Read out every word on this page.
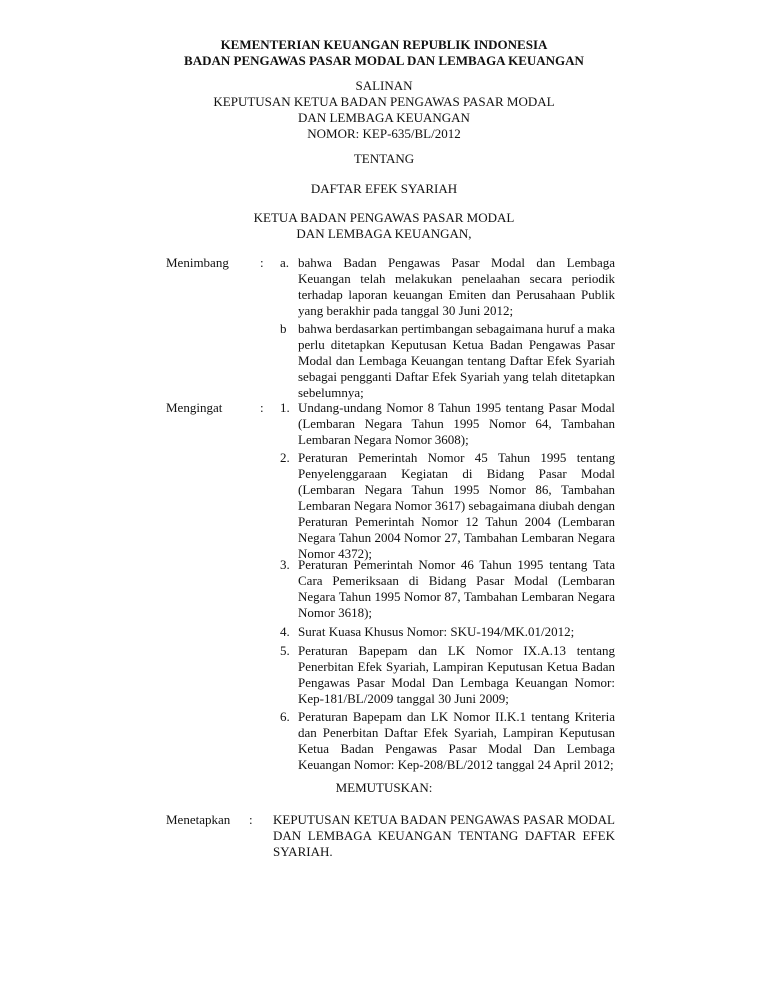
KEMENTERIAN KEUANGAN REPUBLIK INDONESIA
BADAN PENGAWAS PASAR MODAL DAN LEMBAGA KEUANGAN
SALINAN
KEPUTUSAN KETUA BADAN PENGAWAS PASAR MODAL
DAN LEMBAGA KEUANGAN
NOMOR: KEP-635/BL/2012
TENTANG
DAFTAR EFEK SYARIAH
KETUA BADAN PENGAWAS PASAR MODAL
DAN LEMBAGA KEUANGAN,
Menimbang : a. bahwa Badan Pengawas Pasar Modal dan Lembaga Keuangan telah melakukan penelaahan secara periodik terhadap laporan keuangan Emiten dan Perusahaan Publik yang berakhir pada tanggal 30 Juni 2012;
b bahwa berdasarkan pertimbangan sebagaimana huruf a maka perlu ditetapkan Keputusan Ketua Badan Pengawas Pasar Modal dan Lembaga Keuangan tentang Daftar Efek Syariah sebagai pengganti Daftar Efek Syariah yang telah ditetapkan sebelumnya;
Mengingat	: 1. Undang-undang Nomor 8 Tahun 1995 tentang Pasar Modal (Lembaran Negara Tahun 1995 Nomor 64, Tambahan Lembaran Negara Nomor 3608);
2. Peraturan Pemerintah Nomor 45 Tahun 1995 tentang Penyelenggaraan Kegiatan di Bidang Pasar Modal (Lembaran Negara Tahun 1995 Nomor 86, Tambahan Lembaran Negara Nomor 3617) sebagaimana diubah dengan Peraturan Pemerintah Nomor 12 Tahun 2004 (Lembaran Negara Tahun 2004 Nomor 27, Tambahan Lembaran Negara Nomor 4372);
3. Peraturan Pemerintah Nomor 46 Tahun 1995 tentang Tata Cara Pemeriksaan di Bidang Pasar Modal (Lembaran Negara Tahun 1995 Nomor 87, Tambahan Lembaran Negara Nomor 3618);
4. Surat Kuasa Khusus Nomor: SKU-194/MK.01/2012;
5. Peraturan Bapepam dan LK Nomor IX.A.13 tentang Penerbitan Efek Syariah, Lampiran Keputusan Ketua Badan Pengawas Pasar Modal Dan Lembaga Keuangan Nomor: Kep-181/BL/2009 tanggal 30 Juni 2009;
6. Peraturan Bapepam dan LK Nomor II.K.1 tentang Kriteria dan Penerbitan Daftar Efek Syariah, Lampiran Keputusan Ketua Badan Pengawas Pasar Modal Dan Lembaga Keuangan Nomor: Kep-208/BL/2012 tanggal 24 April 2012;
MEMUTUSKAN:
Menetapkan : KEPUTUSAN KETUA BADAN PENGAWAS PASAR MODAL DAN LEMBAGA KEUANGAN TENTANG DAFTAR EFEK SYARIAH.
